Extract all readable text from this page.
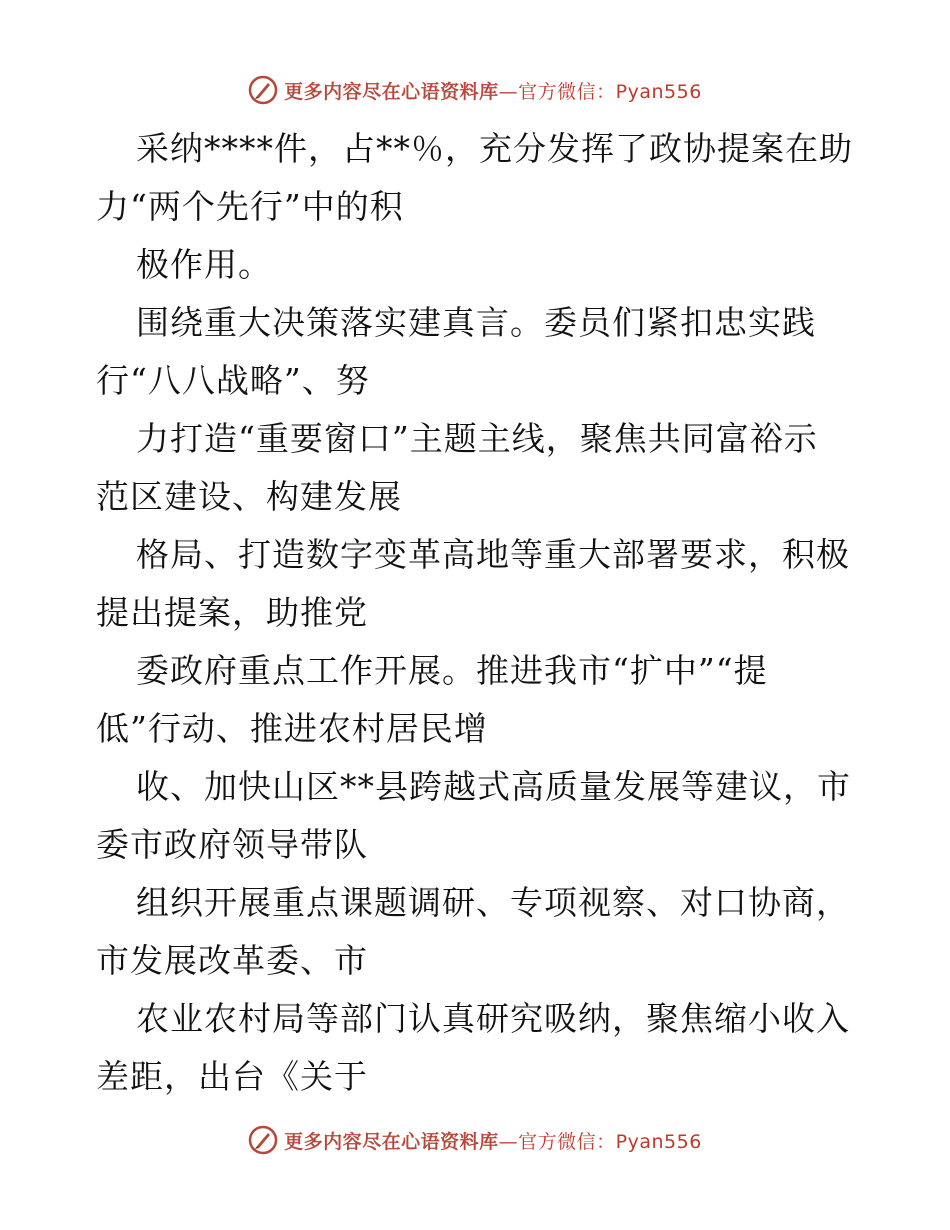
更多内容尽在心语资料库—官方微信：Pyan556
采纳****件，占**％，充分发挥了政协提案在助
力“两个先行”中的积
极作用。
围绕重大决策落实建真言。委员们紧扣忠实践
行“八八战略”、努
力打造“重要窗口”主题主线，聚焦共同富裕示
范区建设、构建发展
格局、打造数字变革高地等重大部署要求，积极
提出提案，助推党
委政府重点工作开展。推进我市“扩中”“提
低”行动、推进农村居民增
收、加快山区**县跨越式高质量发展等建议，市
委市政府领导带队
组织开展重点课题调研、专项视察、对口协商，
市发展改革委、市
农业农村局等部门认真研究吸纳，聚焦缩小收入
差距，出台《关于
更多内容尽在心语资料库—官方微信：Pyan556
